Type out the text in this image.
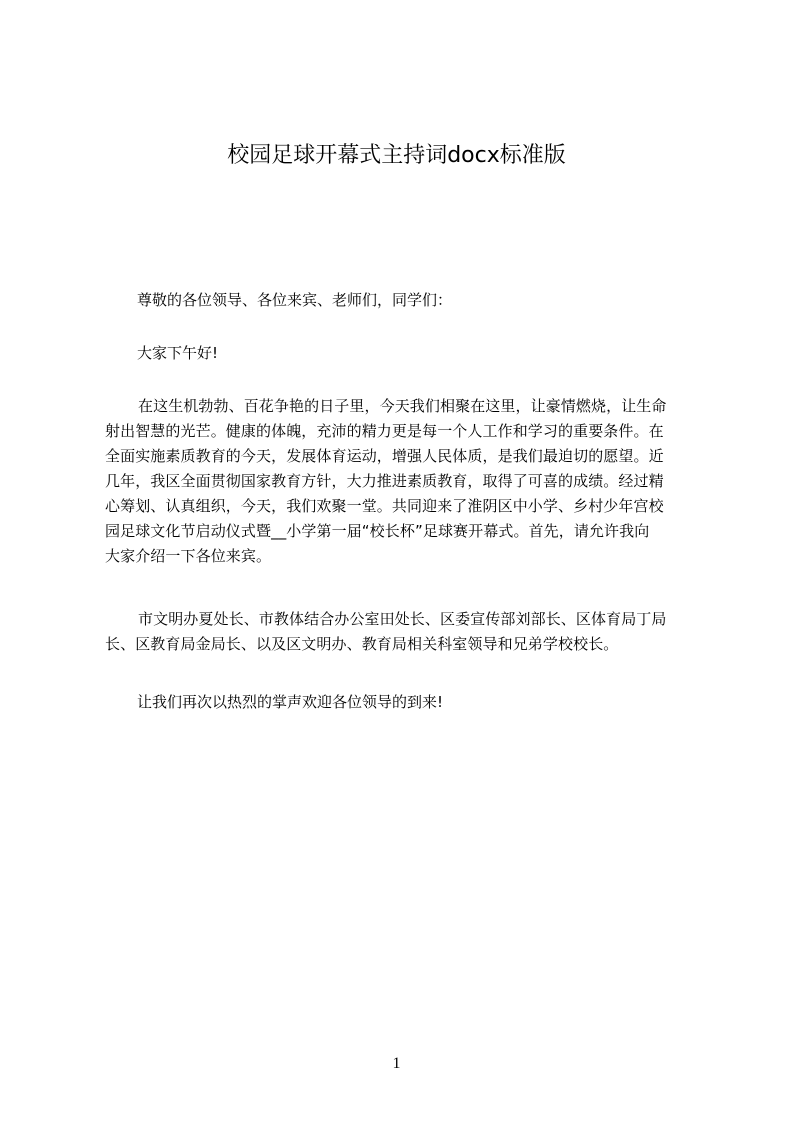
校园足球开幕式主持词docx标准版

尊敬的各位领导、各位来宾、老师们，同学们：

大家下午好!

在这生机勃勃、百花争艳的日子里，今天我们相聚在这里，让豪情燃烧，让生命
射出智慧的光芒。健康的体魄，充沛的精力更是每一个人工作和学习的重要条件。在
全面实施素质教育的今天，发展体育运动，增强人民体质，是我们最迫切的愿望。近
几年，我区全面贯彻国家教育方针，大力推进素质教育，取得了可喜的成绩。经过精
心筹划、认真组织，今天，我们欢聚一堂。共同迎来了淮阴区中小学、乡村少年宫校
园足球文化节启动仪式暨__小学第一届“校长杯”足球赛开幕式。首先，请允许我向
大家介绍一下各位来宾。
市文明办夏处长、市教体结合办公室田处长、区委宣传部刘部长、区体育局丁局
长、区教育局金局长、以及区文明办、教育局相关科室领导和兄弟学校校长。

让我们再次以热烈的掌声欢迎各位领导的到来!

1
